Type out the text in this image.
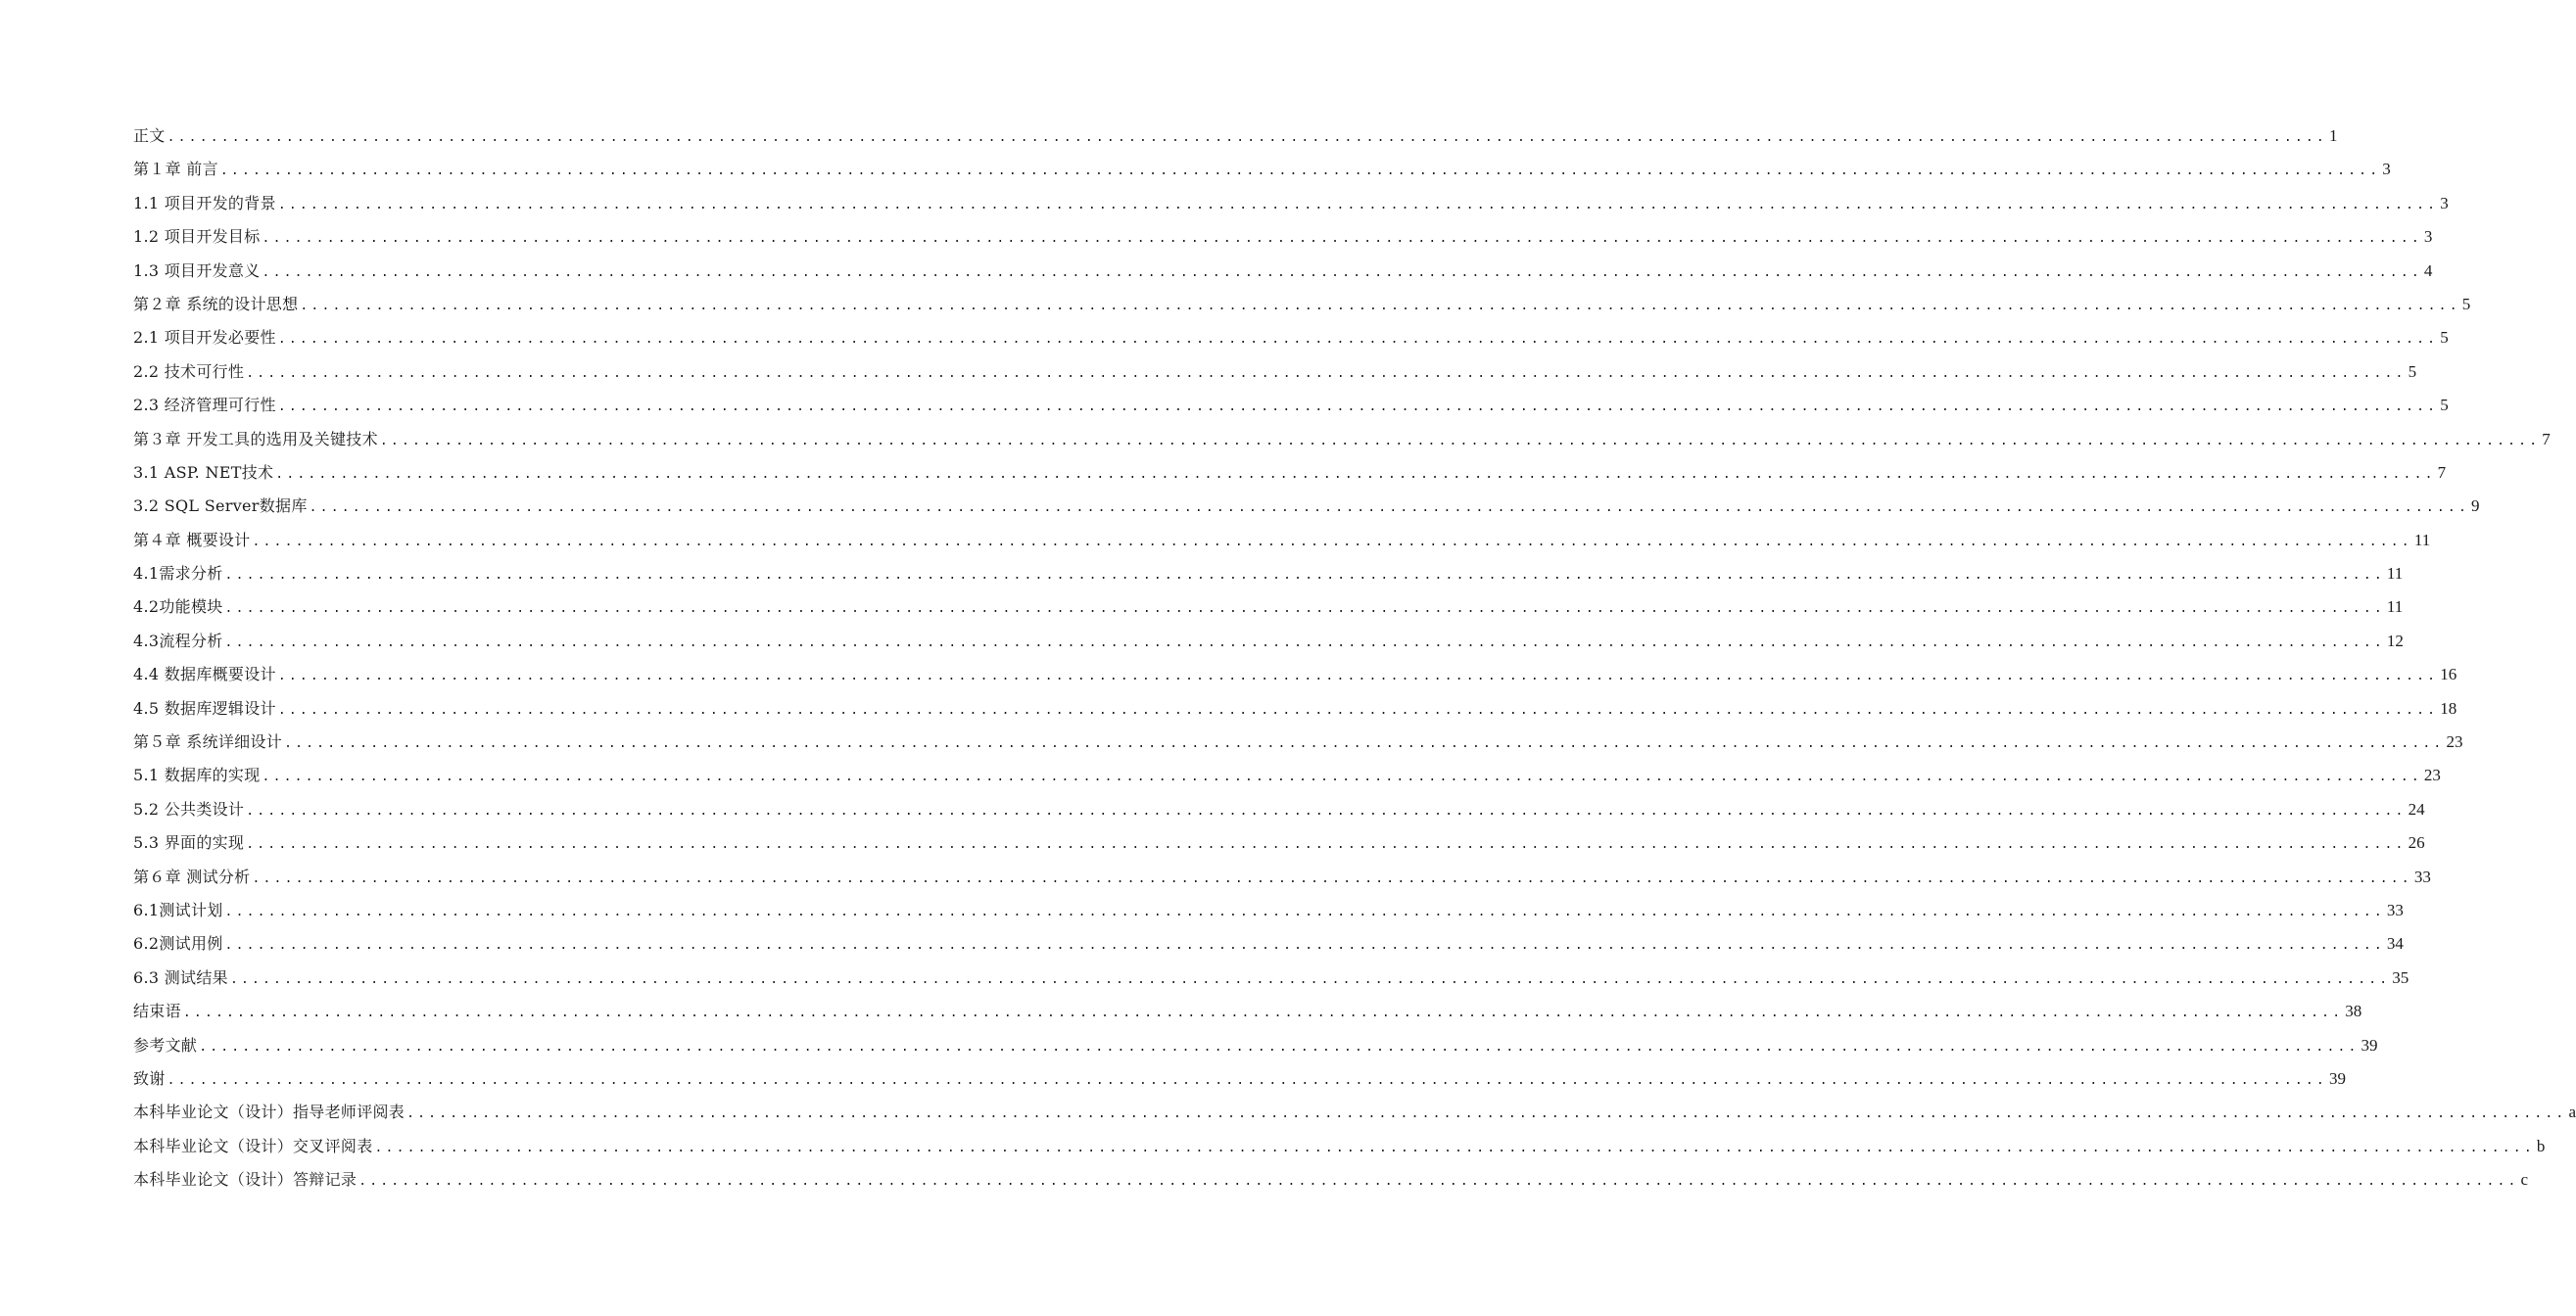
正文 ........................................................................................................................................................................................................ 1
第１章 前言 ........................................................................................................................................................................................................ 3
1.1 项目开发的背景 ........................................................................................................................................................................................................ 3
1.2 项目开发目标 ........................................................................................................................................................................................................ 3
1.3 项目开发意义 ........................................................................................................................................................................................................ 4
第２章 系统的设计思想 ........................................................................................................................................................................................................ 5
2.1 项目开发必要性 ........................................................................................................................................................................................................ 5
2.2 技术可行性 ........................................................................................................................................................................................................ 5
2.3 经济管理可行性 ........................................................................................................................................................................................................ 5
第３章 开发工具的选用及关键技术 ........................................................................................................................................................................................................ 7
3.1 ASP. NET技术 ........................................................................................................................................................................................................ 7
3.2 SQL Server数据库 ........................................................................................................................................................................................................ 9
第４章 概要设计 ........................................................................................................................................................................................................ 11
4.1需求分析 ........................................................................................................................................................................................................ 11
4.2功能模块 ........................................................................................................................................................................................................ 11
4.3流程分析 ........................................................................................................................................................................................................ 12
4.4 数据库概要设计 ........................................................................................................................................................................................................ 16
4.5 数据库逻辑设计 ........................................................................................................................................................................................................ 18
第５章 系统详细设计 ........................................................................................................................................................................................................ 23
5.1 数据库的实现 ........................................................................................................................................................................................................ 23
5.2 公共类设计 ........................................................................................................................................................................................................ 24
5.3 界面的实现 ........................................................................................................................................................................................................ 26
第６章 测试分析 ........................................................................................................................................................................................................ 33
6.1测试计划 ........................................................................................................................................................................................................ 33
6.2测试用例 ........................................................................................................................................................................................................ 34
6.3 测试结果 ........................................................................................................................................................................................................ 35
结束语 ........................................................................................................................................................................................................ 38
参考文献 ........................................................................................................................................................................................................ 39
致谢 ........................................................................................................................................................................................................ 39
本科毕业论文（设计）指导老师评阅表 ........................................................................................................................................................................................................ a
本科毕业论文（设计）交叉评阅表 ........................................................................................................................................................................................................ b
本科毕业论文（设计）答辩记录 ........................................................................................................................................................................................................ c
